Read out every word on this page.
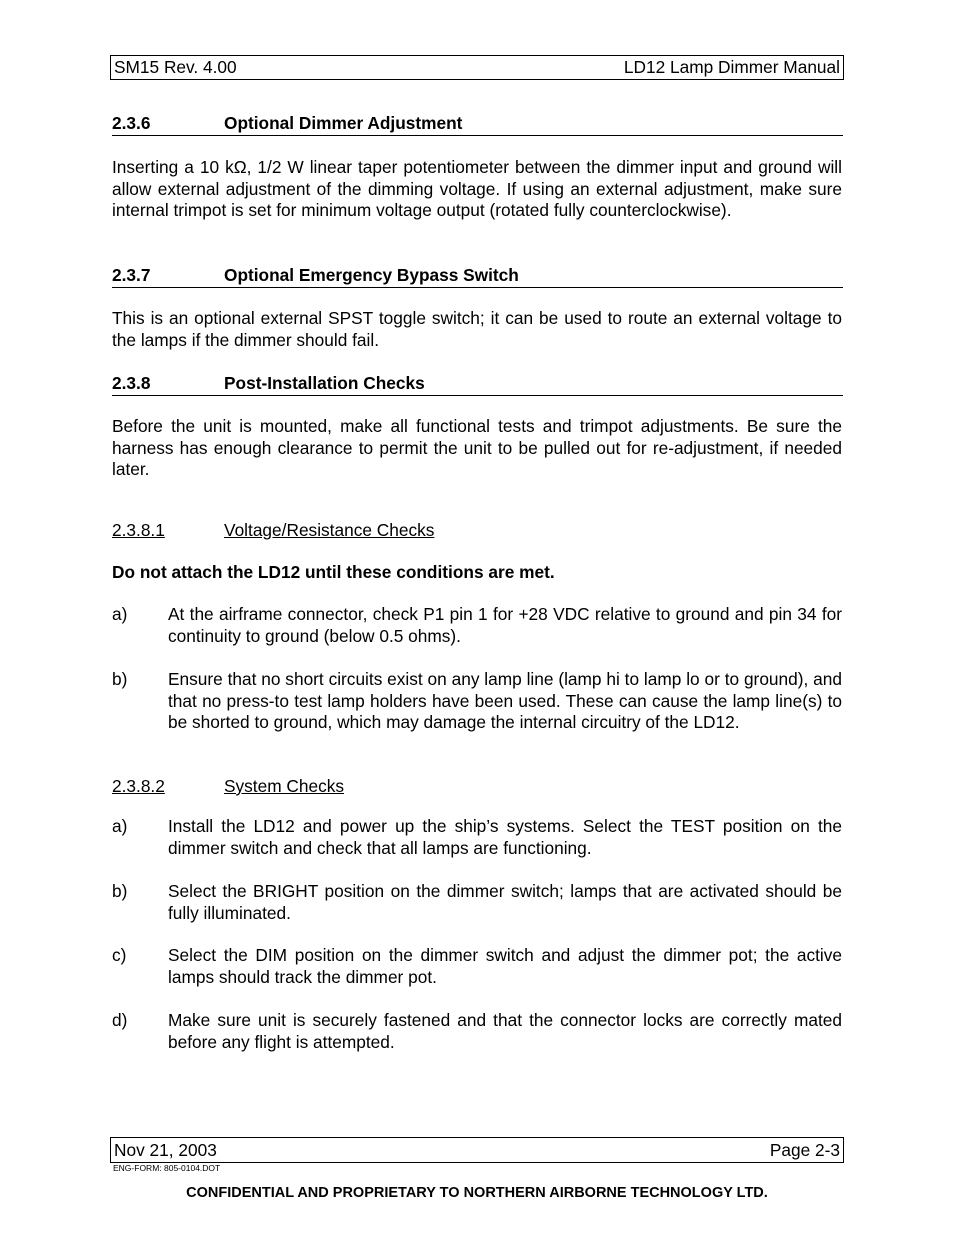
SM15 Rev. 4.00	LD12 Lamp Dimmer Manual
2.3.6	Optional Dimmer Adjustment
Inserting a 10 kΩ, 1/2 W linear taper potentiometer between the dimmer input and ground will allow external adjustment of the dimming voltage. If using an external adjustment, make sure internal trimpot is set for minimum voltage output (rotated fully counterclockwise).
2.3.7	Optional Emergency Bypass Switch
This is an optional external SPST toggle switch; it can be used to route an external voltage to the lamps if the dimmer should fail.
2.3.8	Post-Installation Checks
Before the unit is mounted, make all functional tests and trimpot adjustments. Be sure the harness has enough clearance to permit the unit to be pulled out for re-adjustment, if needed later.
2.3.8.1	Voltage/Resistance Checks
Do not attach the LD12 until these conditions are met.
a)	At the airframe connector, check P1 pin 1 for +28 VDC relative to ground and pin 34 for continuity to ground (below 0.5 ohms).
b)	Ensure that no short circuits exist on any lamp line (lamp hi to lamp lo or to ground), and that no press-to test lamp holders have been used. These can cause the lamp line(s) to be shorted to ground, which may damage the internal circuitry of the LD12.
2.3.8.2	System Checks
a)	Install the LD12 and power up the ship’s systems. Select the TEST position on the dimmer switch and check that all lamps are functioning.
b)	Select the BRIGHT position on the dimmer switch; lamps that are activated should be fully illuminated.
c)	Select the DIM position on the dimmer switch and adjust the dimmer pot; the active lamps should track the dimmer pot.
d)	Make sure unit is securely fastened and that the connector locks are correctly mated before any flight is attempted.
Nov 21, 2003	Page 2-3
ENG-FORM: 805-0104.DOT
CONFIDENTIAL AND PROPRIETARY TO NORTHERN AIRBORNE TECHNOLOGY LTD.
